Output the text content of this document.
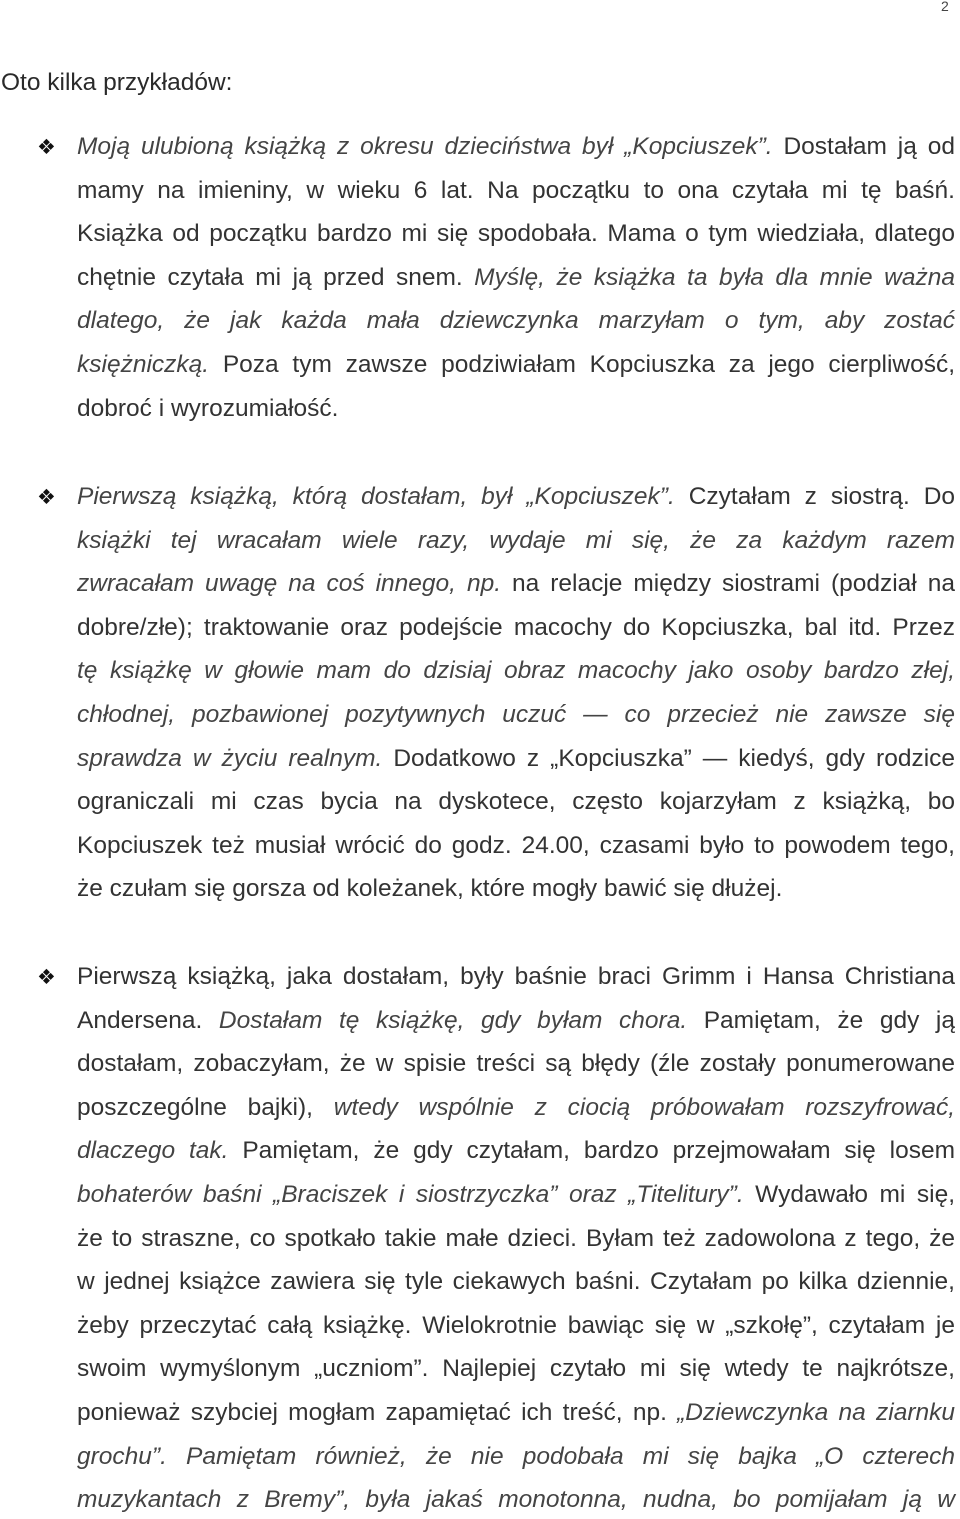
2
Oto kilka przykładów:
❖
Moją ulubioną książką z okresu dzieciństwa był „Kopciuszek”. Dostałam ją od
mamy na imieniny, w wieku 6 lat. Na początku to ona czytała mi tę baśń.
Książka od początku bardzo mi się spodobała. Mama o tym wiedziała, dlatego
chętnie czytała mi ją przed snem. Myślę, że książka ta była dla mnie ważna
dlatego, że jak każda mała dziewczynka marzyłam o tym, aby zostać
księżniczką. Poza tym zawsze podziwiałam Kopciuszka za jego cierpliwość,
dobroć i wyrozumiałość.
❖
Pierwszą książką, którą dostałam, był „Kopciuszek”. Czytałam z siostrą. Do
książki tej wracałam wiele razy, wydaje mi się, że za każdym razem
zwracałam uwagę na coś innego, np. na relacje między siostrami (podział na
dobre/złe); traktowanie oraz podejście macochy do Kopciuszka, bal itd. Przez
tę książkę w głowie mam do dzisiaj obraz macochy jako osoby bardzo złej,
chłodnej, pozbawionej pozytywnych uczuć — co przecież nie zawsze się
sprawdza w życiu realnym. Dodatkowo z „Kopciuszka” — kiedyś, gdy rodzice
ograniczali mi czas bycia na dyskotece, często kojarzyłam z książką, bo
Kopciuszek też musiał wrócić do godz. 24.00, czasami było to powodem tego,
że czułam się gorsza od koleżanek, które mogły bawić się dłużej.
❖
Pierwszą książką, jaka dostałam, były baśnie braci Grimm i Hansa Christiana
Andersena. Dostałam tę książkę, gdy byłam chora. Pamiętam, że gdy ją
dostałam, zobaczyłam, że w spisie treści są błędy (źle zostały ponumerowane
poszczególne bajki), wtedy wspólnie z ciocią próbowałam rozszyfrować,
dlaczego tak. Pamiętam, że gdy czytałam, bardzo przejmowałam się losem
bohaterów baśni „Braciszek i siostrzyczka” oraz „Titelitury”. Wydawało mi się,
że to straszne, co spotkało takie małe dzieci. Byłam też zadowolona z tego, że
w jednej książce zawiera się tyle ciekawych baśni. Czytałam po kilka dziennie,
żeby przeczytać całą książkę. Wielokrotnie bawiąc się w „szkołę”, czytałam je
swoim wymyślonym „uczniom”. Najlepiej czytało mi się wtedy te najkrótsze,
ponieważ szybciej mogłam zapamiętać ich treść, np. „Dziewczynka na ziarnku
grochu”. Pamiętam również, że nie podobała mi się bajka „O czterech
muzykantach z Bremy”, była jakaś monotonna, nudna, bo pomijałam ją w
